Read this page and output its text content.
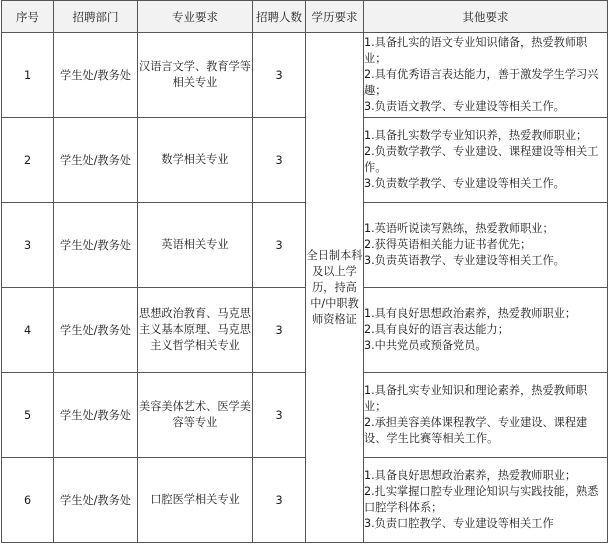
序号	招聘部门	专业要求	招聘人数	学历要求	其他要求
1	学生处/教务处	汉语言文学、教育学等相关专业	3	全日制本科及以上学历，持高中/中职教师资格证	1.具备扎实的语文专业知识储备，热爱教师职业；
2.具有优秀语言表达能力，善于激发学生学习兴趣；
3.负责语文教学、专业建设等相关工作。

2	学生处/教务处	数学相关专业	3		1.具备扎实数学专业知识养，热爱教师职业；
2.负责数学教学、专业建设、课程建设等相关工作。
3.负责数学教学、专业建设等相关工作。

3	学生处/教务处	英语相关专业	3		1.英语听说读写熟练，热爱教师职业；
2.获得英语相关能力证书者优先；
3.负责英语教学、专业建设等相关工作。

4	学生处/教务处	思想政治教育、马克思主义基本原理、马克思主义哲学相关专业	3		1.具有良好思想政治素养，热爱教师职业；
2.具有良好的语言表达能力；
3.中共党员或预备党员。

5	学生处/教务处	美容美体艺术、医学美容等专业	3		1.具备扎实专业知识和理论素养，热爱教师职业；
2.承担美容美体课程教学、专业建设、课程建设、学生比赛等相关工作。

6	学生处/教务处	口腔医学相关专业	3		1.具备良好思想政治素养，热爱教师职业；
2.扎实掌握口腔专业理论知识与实践技能，熟悉口腔学科体系；
3.负责口腔教学、专业建设等相关工作
